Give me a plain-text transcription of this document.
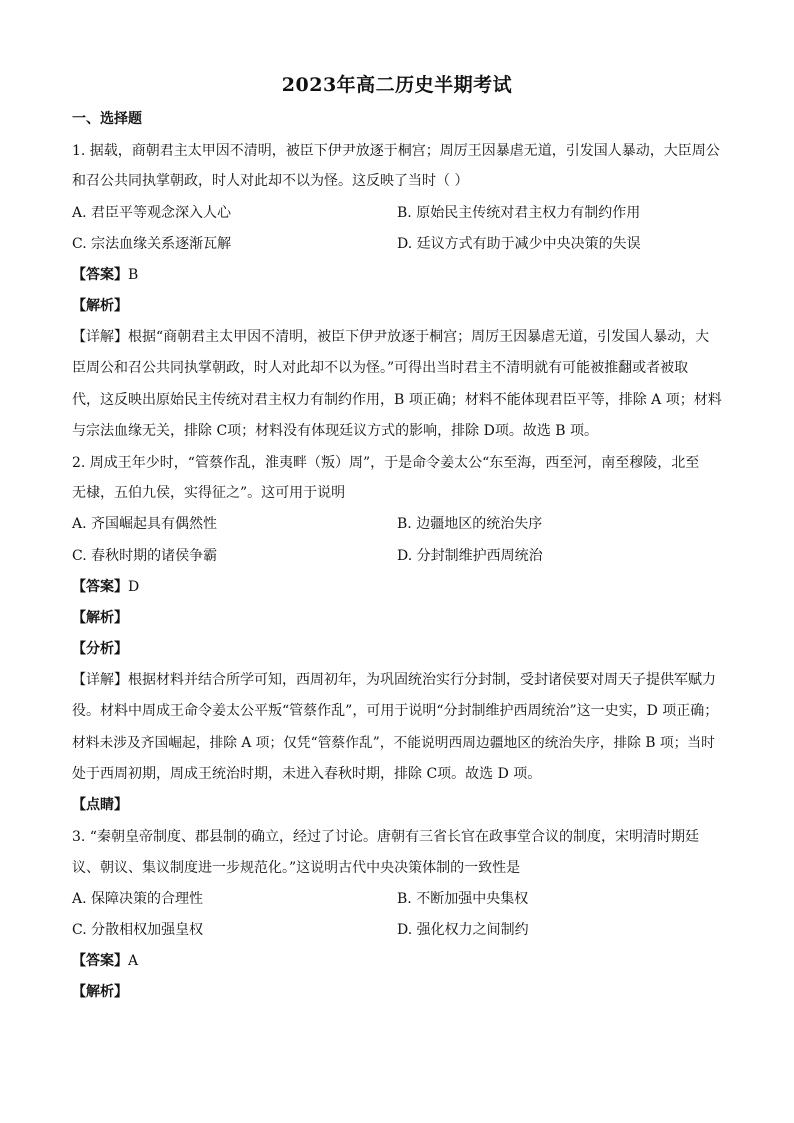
2023年高二历史半期考试
一、选择题
1. 据载，商朝君主太甲因不清明，被臣下伊尹放逐于桐宫；周厉王因暴虐无道，引发国人暴动，大臣周公
和召公共同执掌朝政，时人对此却不以为怪。这反映了当时（ ）
A. 君臣平等观念深入人心	B. 原始民主传统对君主权力有制约作用
C. 宗法血缘关系逐渐瓦解	D. 廷议方式有助于减少中央决策的失误
【答案】B
【解析】
【详解】根据“商朝君主太甲因不清明，被臣下伊尹放逐于桐宫；周厉王因暴虐无道，引发国人暴动，大
臣周公和召公共同执掌朝政，时人对此却不以为怪。”可得出当时君主不清明就有可能被推翻或者被取
代，这反映出原始民主传统对君主权力有制约作用，B 项正确；材料不能体现君臣平等，排除 A 项；材料
与宗法血缘无关，排除 C项；材料没有体现廷议方式的影响，排除 D项。故选 B 项。
2. 周成王年少时，“管蔡作乱，淮夷畔（叛）周”，于是命令姜太公“东至海，西至河，南至穆陵，北至
无棣，五伯九侯，实得征之”。这可用于说明
A. 齐国崛起具有偶然性	B. 边疆地区的统治失序
C. 春秋时期的诸侯争霸	D. 分封制维护西周统治
【答案】D
【解析】
【分析】
【详解】根据材料并结合所学可知，西周初年，为巩固统治实行分封制，受封诸侯要对周天子提供军赋力
役。材料中周成王命令姜太公平叛“管蔡作乱”，可用于说明“分封制维护西周统治”这一史实，D 项正确；
材料未涉及齐国崛起，排除 A 项；仅凭“管蔡作乱”，不能说明西周边疆地区的统治失序，排除 B 项；当时
处于西周初期，周成王统治时期，未进入春秋时期，排除 C项。故选 D 项。
【点睛】
3. “秦朝皇帝制度、郡县制的确立，经过了讨论。唐朝有三省长官在政事堂合议的制度，宋明清时期廷
议、朝议、集议制度进一步规范化。”这说明古代中央决策体制的一致性是
A. 保障决策的合理性	B. 不断加强中央集权
C. 分散相权加强皇权	D. 强化权力之间制约
【答案】A
【解析】
